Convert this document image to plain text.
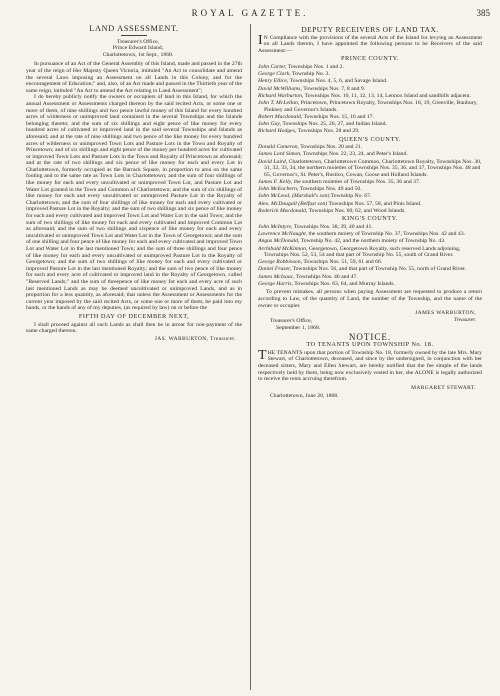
ROYAL GAZETTE.	385
LAND ASSESSMENT.

Treasurer's Office,

Prince Edward Island,

Charlottetown, 1st Sept., 1868.

In pursuance of an Act of the General Assembly of this Island, made and passed in the 27th year of the reign of Her Majesty Queen Victoria, intituled "An Act to consolidate and amend the several Laws imposing an Assessment on all Lands in this Colony, and for the encouragement of Education;" and, also, of an Act made and passed in the Thirtieth year of the same reign, intituled "An Act to amend the Act relating to Land Assessment";

I do hereby publicly notify the owners or occupiers of land in this Island, for which the annual Assessment or Assessments charged thereon by the said recited Acts, or some one or more of them, of nine shillings and two pence lawful money of this Island for every hundred acres of wilderness or unimproved land contained in the several Townships and the Islands belonging thereto; and the sum of six shillings and eight pence of like money for every hundred acres of cultivated or improved land in the said several Townships and Islands as aforesaid; and at the rate of nine shillings and two pence of the like money for every hundred acres of wilderness or unimproved Town Lots and Pasture Lots in the Town and Royalty of Princetown; and of six shillings and eight pence of the money per hundred acres for cultivated or improved Town Lots and Pasture Lots in the Town and Royalty of Princetown as aforesaid; and at the rate of two shillings and six pence of like money for each and every Lot in Charlottetown, formerly occupied as the Barrack Square, in proportion to area on the same footing and to the same rate as Town Lots in Charlottetown; and the sum of four shillings of like money for each and every uncultivated or unimproved Town Lot, and Pasture Lot and Water Lot granted in the Town and Common of Charlottetown; and the sum of six shillings of like money for each and every uncultivated or unimproved Pasture Lot in the Royalty of Charlottetown; and the sum of four shillings of like money for each and every cultivated or improved Pasture Lot in the Royalty; and the sum of two shillings and six pence of like money for each and every cultivated and improved Town Lot and Water Lot in the said Town; and the sum of two shillings of like money for each and every cultivated and improved Common Lot as aforesaid; and the sum of two shillings and sixpence of like money for each and every uncultivated or unimproved Town Lot and Water Lot in the Town of Georgetown; and the sum of one shilling and four pence of like money for each and every cultivated and improved Town Lot and Water Lot in the last mentioned Town; and the sum of three shillings and four pence of like money for each and every uncultivated or unimproved Pasture Lot in the Royalty of Georgetown; and the sum of two shillings of like money for each and every cultivated or improved Pasture Lot in the last mentioned Royalty; and the sum of two pence of like money for each and every acre of cultivated or improved land in the Royalty of Georgetown, called "Reserved Lands;" and the sum of threepence of like money for each and every acre of such last mentioned Lands as may be deemed uncultivated or unimproved Lands, and as in proportion for a less quantity, as aforesaid; that unless the Assessment or Assessments for the current year imposed by the said recited Acts, or some one or more of them, be paid into my hands, or the hands of any of my deputies, (as required by law) on or before the

FIFTH DAY OF DECEMBER NEXT,

I shall proceed against all such Lands as shall then be in arrear for non-payment of the same charged thereon.

JAS. WARBURTON, Treasurer.

DEPUTY RECEIVERS OF LAND TAX.

I N Compliance with the provisions of the several Acts of the Island for levying an Assessment on all Lands therein, I have appointed the following persons to be Receivers of the said Assessment:—

PRINCE COUNTY.
John Carter, Townships Nos. 1 and 2.
George Clark, Township No. 3.
Henry Ellice, Townships Nos. 4, 5, 6, and Savage Island.
David McWilliams, Townships Nos. 7, 8 and 9.
Richard Warburton, Townships Nos. 10, 11, 12, 13, 14, Lennox Island and sandhills adjacent.
John T. McLellan, Princetown, Princetown Royalty, Townships Nos. 18, 19, Grenville, Bunbury, Pinkney and Governor's Islands.
Robert Macdonald, Townships Nos. 15, 16 and 17.
John Gay, Townships Nos. 25, 26, 27, and Indian Island.
Richard Hodges, Townships Nos. 28 and 29.
QUEEN'S COUNTY.
Donald Cameron, Townships Nos. 20 and 21.
James Lord Simon, Townships Nos. 22, 23, 24, and Peter's Island.
David Laird, Charlottetown, Charlottetown Common, Charlottetown Royalty, Townships Nos. 30, 31, 32, 33, 34, the northern moieties of Townships Nos. 35, 36, and 37, Townships Nos. 48 and 65, Governor's, St. Peter's, Rustico, Cowan, Goose and Holland Islands.
James F. Kelly, the southern moieties of Townships Nos. 35, 36 and 37.
John McEachern, Townships Nos. 49 and 50.
John McLeod, (Marshall's son) Township No. 67.
Alex. McDougall (Belfast son) Townships Nos. 57, 58, and Pinis Island.
Roderick Macdonald, Townships Nos. 60, 62, and Wood Islands.
KING'S COUNTY.
John McIntyre, Townships Nos. 38, 39, 40 and 41.
Lawrence McNaught, the southern moiety of Township No. 37, Townships Nos. 42 and 43.
Angus McDonald, Township No. 42, and the northern moiety of Township No. 43.
Archibald McKinnon, Georgetown, Georgetown Royalty, such reserved Lands adjoining, Townships Nos. 52, 53, 54 and that part of Township No. 55, south of Grand River.
George Robbinson, Townships Nos. 51, 59, 61 and 66.
Daniel Fraser, Townships Nos. 56, and that part of Township No. 55, north of Grand River.
James McIsaac, Townships Nos. 46 and 47.
George Harris, Townships Nos. 63, 64, and Murray Islands.

To prevent mistakes, all persons when paying Assessment are requested to produce a return according to Law, of the quantity of Land, the number of the Township, and the name of the owner or occupier.

JAMES WARBURTON,

Treasurer.

Treasurer's Office,

September 1, 1868.

NOTICE.
TO TENANTS UPON TOWNSHIP No. 18.

THE TENANTS upon that portion of Township No. 18, formerly owned by the late Mrs. Mary Stewart, of Charlottetown, deceased, and since by the undersigned, in conjunction with her deceased sisters, Mary and Ellen Stewart, are hereby notified that the fee simple of the lands respectively held by them, being now exclusively vested in her, she ALONE is legally authorized to receive the rents accruing therefrom.

MARGARET STEWART.

Charlottetown, June 20, 1868.
